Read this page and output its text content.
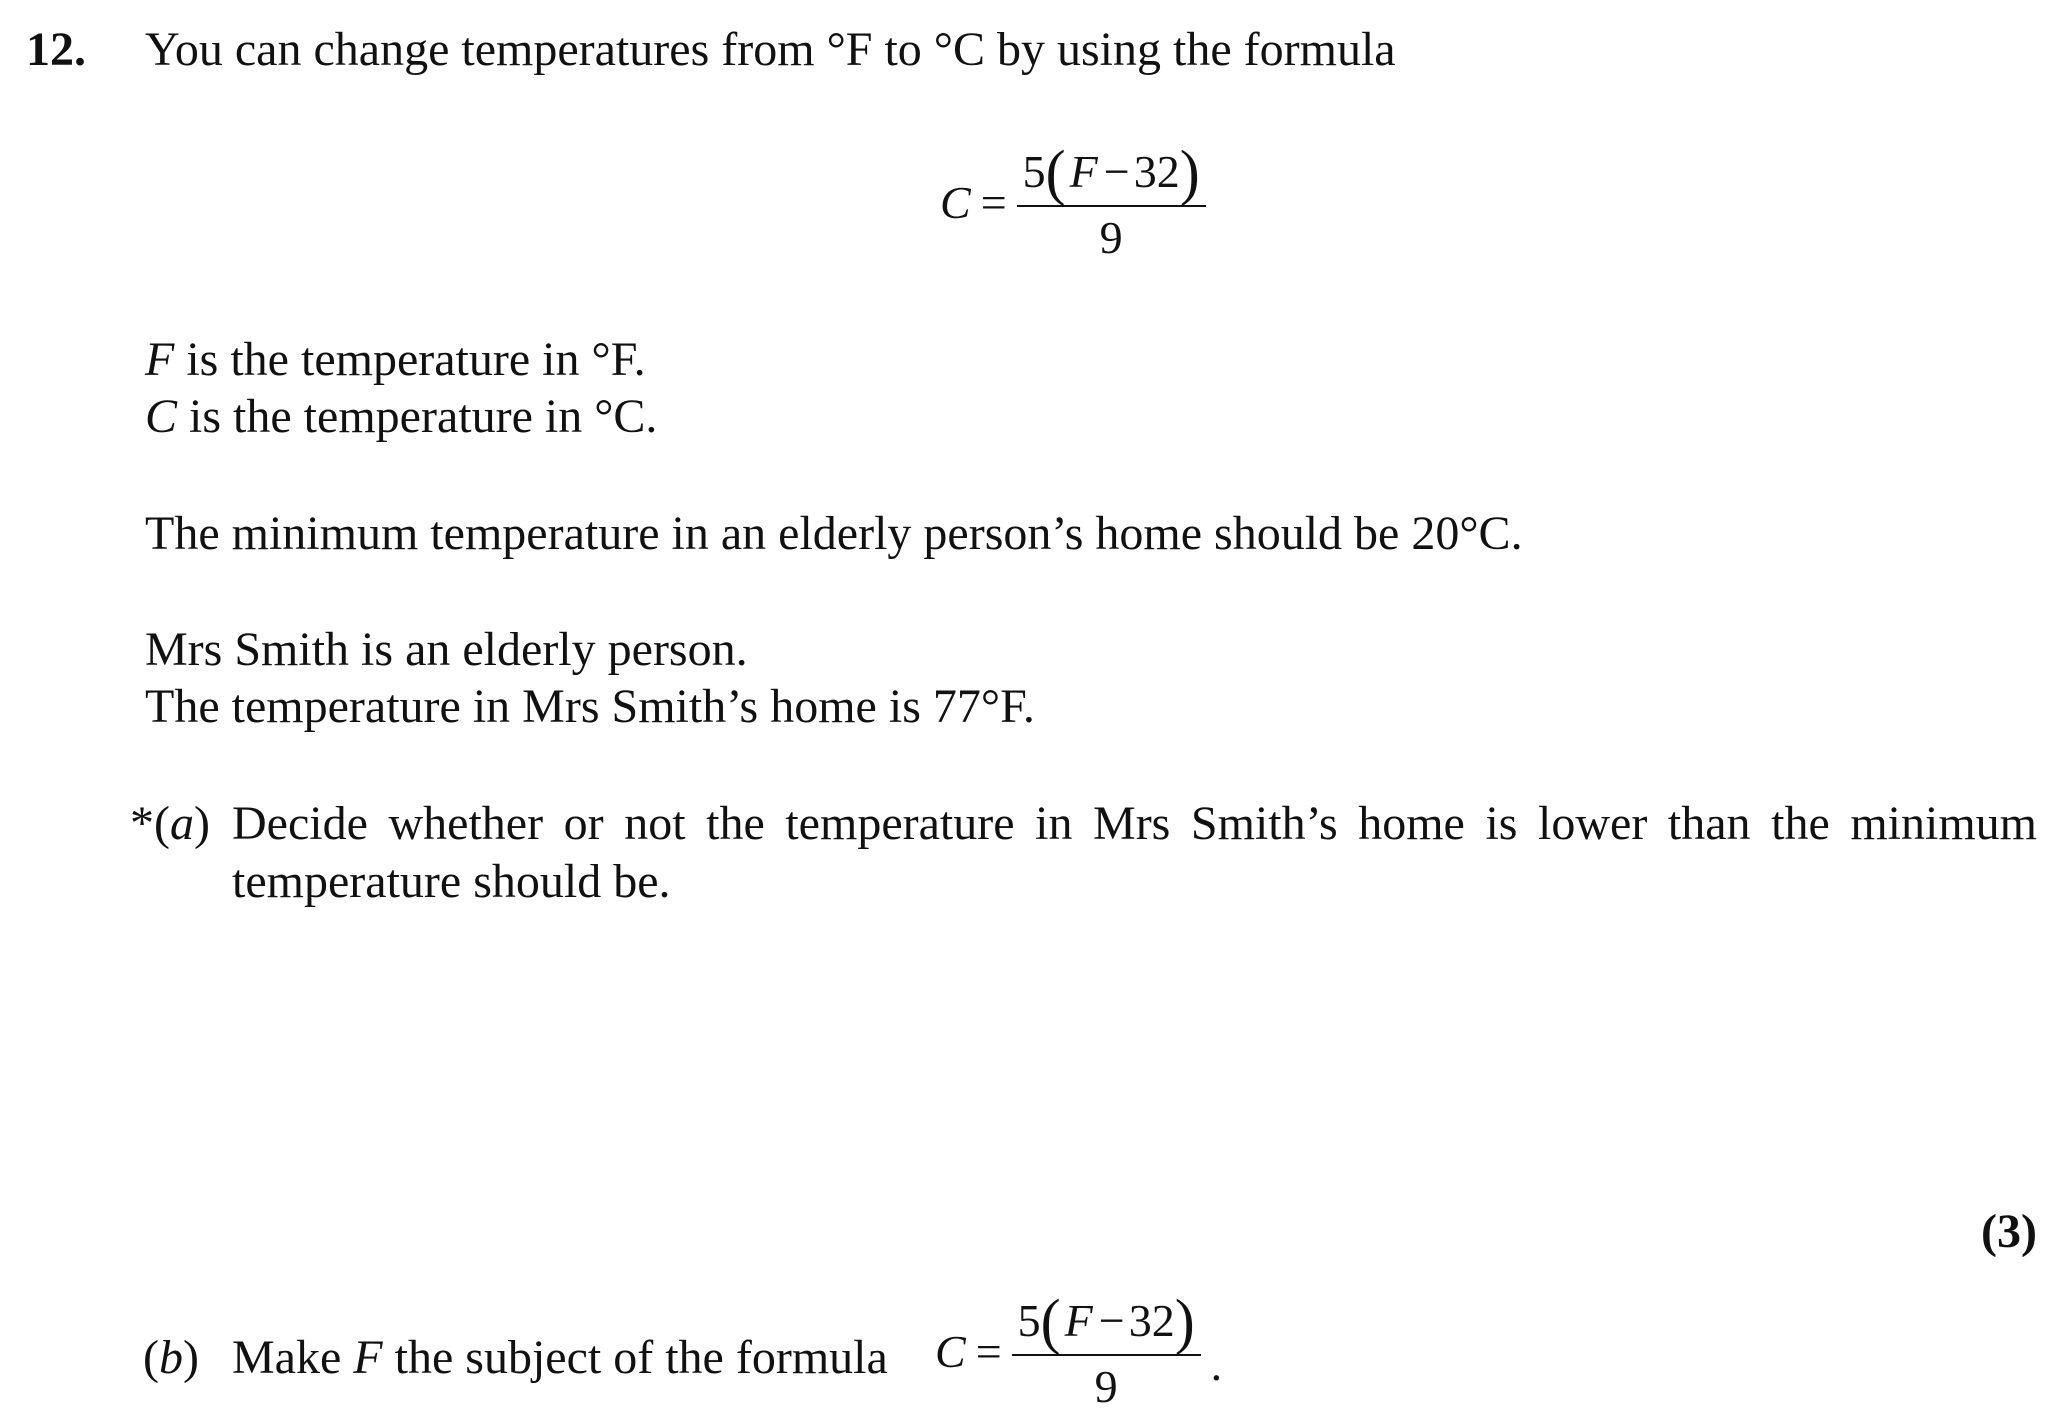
12. You can change temperatures from °F to °C by using the formula
$C = \frac{5 ( F - 32 )}{9}$
F is the temperature in °F.
C is the temperature in °C.
The minimum temperature in an elderly person’s home should be 20°C.
Mrs Smith is an elderly person.
The temperature in Mrs Smith’s home is 77°F.
*(a) Decide whether or not the temperature in Mrs Smith’s home is lower than the minimum
temperature should be.
(3)
(b) Make F the subject of the formula $C = \frac{5 ( F - 32 )}{9}$ .
